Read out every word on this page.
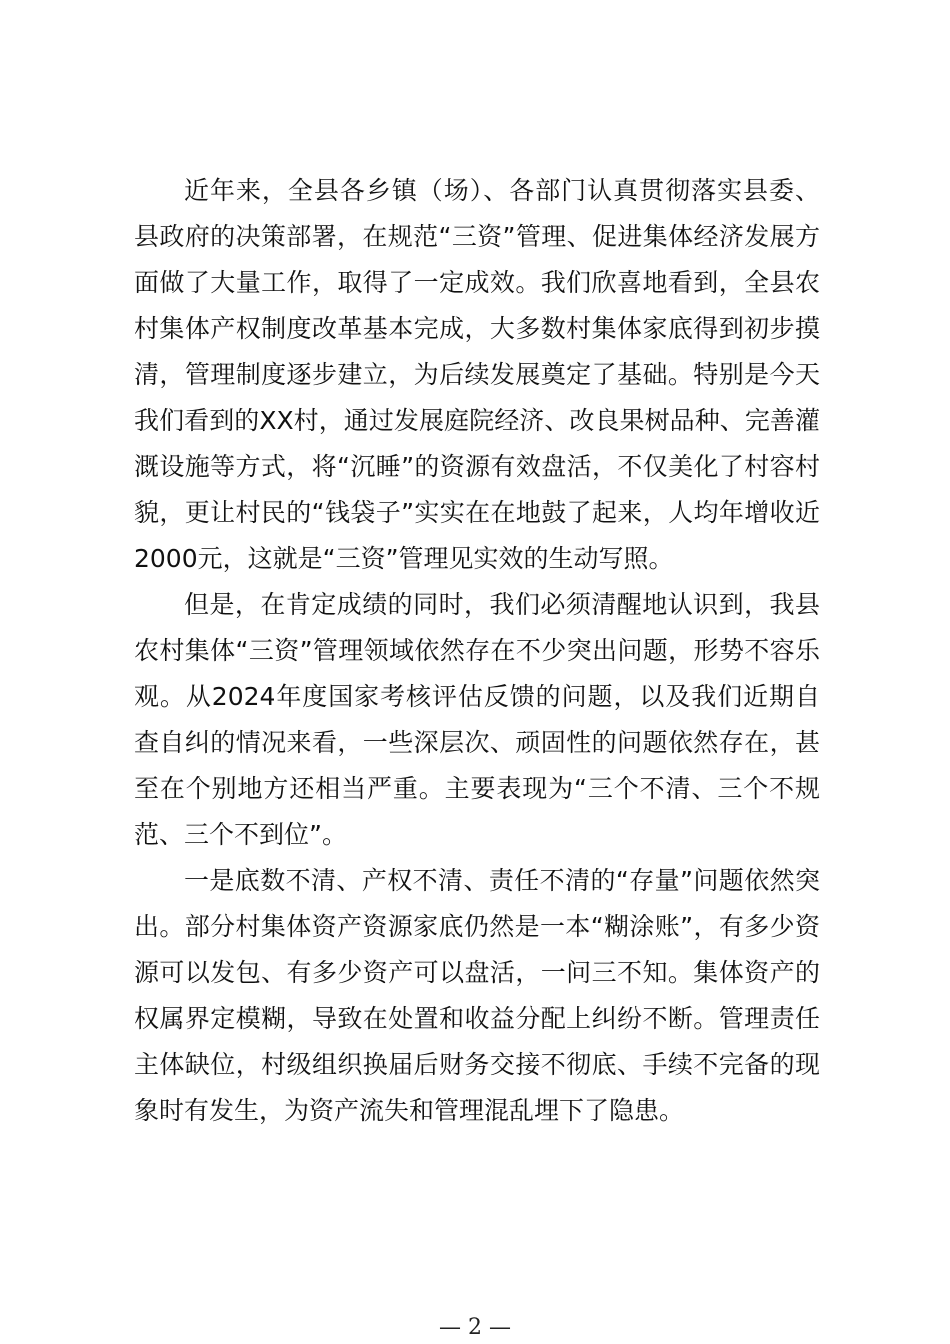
近年来，全县各乡镇（场）、各部门认真贯彻落实县委、县政府的决策部署，在规范“三资”管理、促进集体经济发展方面做了大量工作，取得了一定成效。我们欣喜地看到，全县农村集体产权制度改革基本完成，大多数村集体家底得到初步摸清，管理制度逐步建立，为后续发展奠定了基础。特别是今天我们看到的XX村，通过发展庭院经济、改良果树品种、完善灌溉设施等方式，将“沉睡”的资源有效盘活，不仅美化了村容村貌，更让村民的“钱袋子”实实在在地鼓了起来，人均年增收近2000元，这就是“三资”管理见实效的生动写照。

但是，在肯定成绩的同时，我们必须清醒地认识到，我县农村集体“三资”管理领域依然存在不少突出问题，形势不容乐观。从2024年度国家考核评估反馈的问题，以及我们近期自查自纠的情况来看，一些深层次、顽固性的问题依然存在，甚至在个别地方还相当严重。主要表现为“三个不清、三个不规范、三个不到位”。

一是底数不清、产权不清、责任不清的“存量”问题依然突出。部分村集体资产资源家底仍然是一本“糊涂账”，有多少资源可以发包、有多少资产可以盘活，一问三不知。集体资产的权属界定模糊，导致在处置和收益分配上纠纷不断。管理责任主体缺位，村级组织换届后财务交接不彻底、手续不完备的现象时有发生，为资产流失和管理混乱埋下了隐患。

— 2 —
